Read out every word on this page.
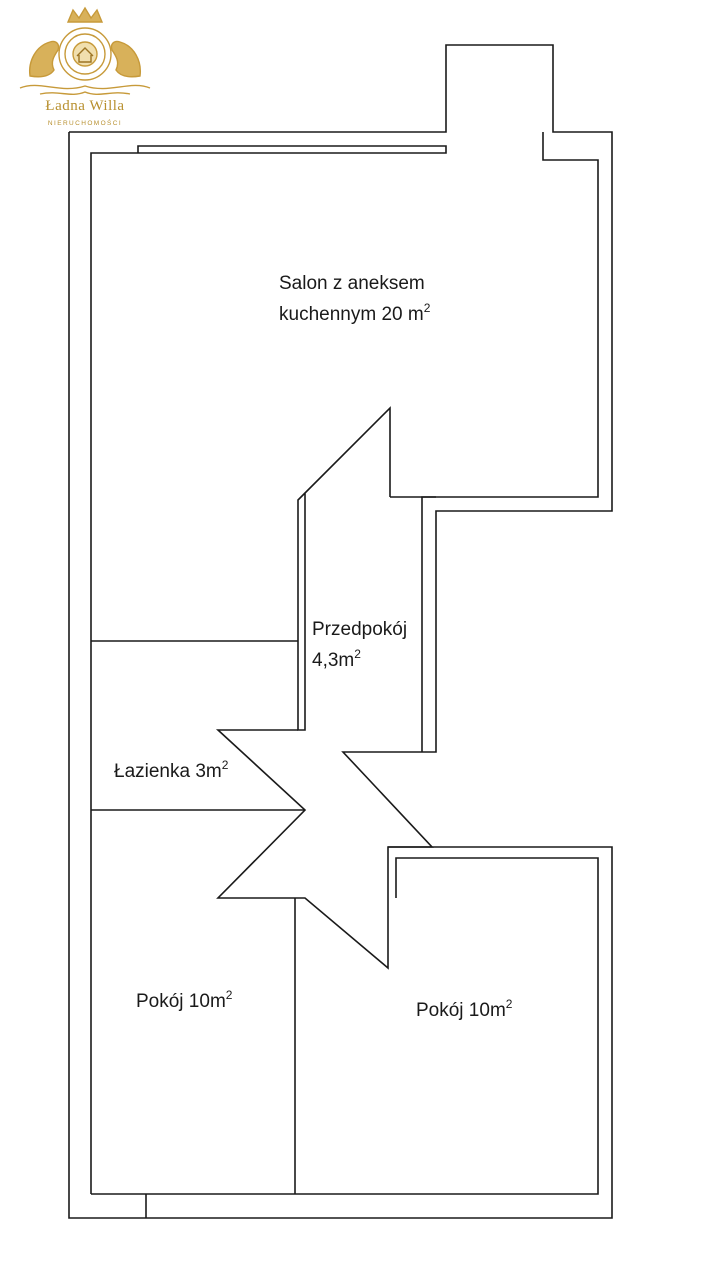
Ładna Willa
NIERUCHOMOŚCI
Salon z aneksem
kuchennym 20 $m^2$
Przedpokój
$4,3m^2$
Łazienka $3m^2$
Pokój $10m^2$
Pokój $10m^2$
